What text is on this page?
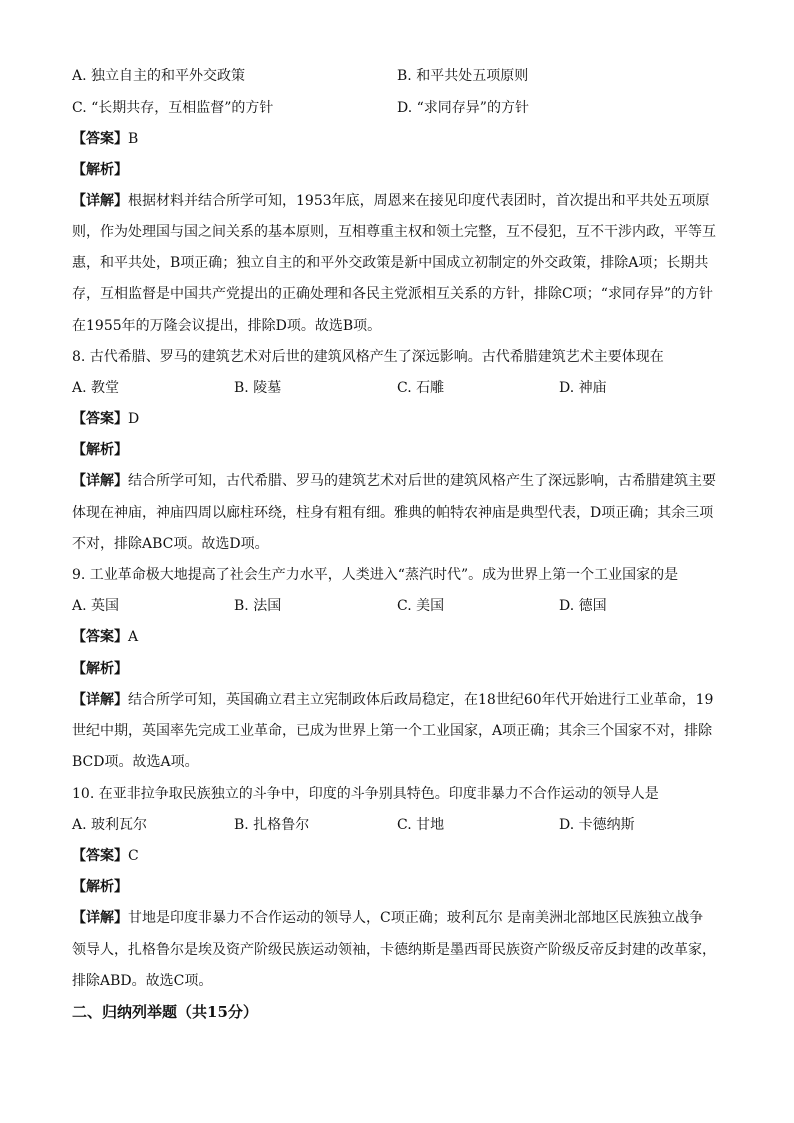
A. 独立自主的和平外交政策	B. 和平共处五项原则
C. “长期共存，互相监督”的方针	D. “求同存异”的方针
【答案】B
【解析】
【详解】根据材料并结合所学可知，1953年底，周恩来在接见印度代表团时，首次提出和平共处五项原
则，作为处理国与国之间关系的基本原则，互相尊重主权和领土完整，互不侵犯，互不干涉内政，平等互
惠，和平共处，B项正确；独立自主的和平外交政策是新中国成立初制定的外交政策，排除A项；长期共
存，互相监督是中国共产党提出的正确处理和各民主党派相互关系的方针，排除C项；“求同存异”的方针
在1955年的万隆会议提出，排除D项。故选B项。
8. 古代希腊、罗马的建筑艺术对后世的建筑风格产生了深远影响。古代希腊建筑艺术主要体现在
A. 教堂	B. 陵墓	C. 石雕	D. 神庙
【答案】D
【解析】
【详解】结合所学可知，古代希腊、罗马的建筑艺术对后世的建筑风格产生了深远影响，古希腊建筑主要
体现在神庙，神庙四周以廊柱环绕，柱身有粗有细。雅典的帕特农神庙是典型代表，D项正确；其余三项
不对，排除ABC项。故选D项。
9. 工业革命极大地提高了社会生产力水平，人类进入“蒸汽时代”。成为世界上第一个工业国家的是
A. 英国	B. 法国	C. 美国	D. 德国
【答案】A
【解析】
【详解】结合所学可知，英国确立君主立宪制政体后政局稳定，在18世纪60年代开始进行工业革命，19
世纪中期，英国率先完成工业革命，已成为世界上第一个工业国家，A项正确；其余三个国家不对，排除
BCD项。故选A项。
10. 在亚非拉争取民族独立的斗争中，印度的斗争别具特色。印度非暴力不合作运动的领导人是
A. 玻利瓦尔	B. 扎格鲁尔	C. 甘地	D. 卡德纳斯
【答案】C
【解析】
【详解】甘地是印度非暴力不合作运动的领导人，C项正确；玻利瓦尔 是南美洲北部地区民族独立战争
领导人，扎格鲁尔是埃及资产阶级民族运动领袖，卡德纳斯是墨西哥民族资产阶级反帝反封建的改革家，
排除ABD。故选C项。
二、归纳列举题（共15分）
